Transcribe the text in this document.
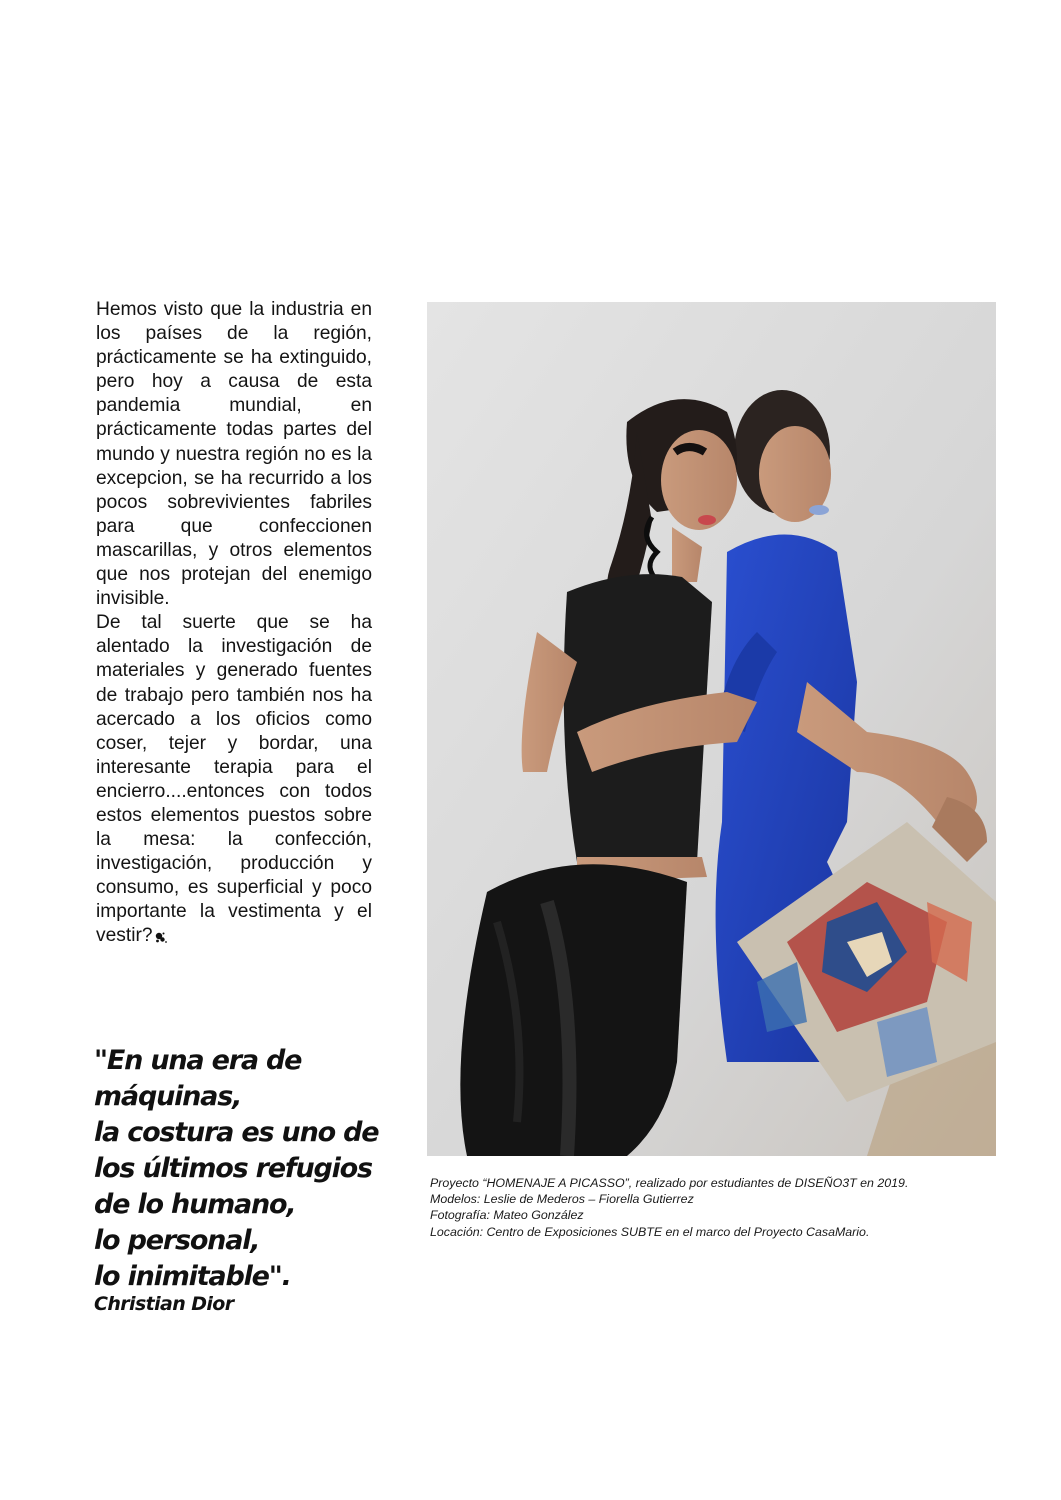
Hemos visto que la industria en los países de la región, prácticamente se ha extinguido, pero hoy a causa de esta pandemia mundial, en prácticamente todas partes del mundo y nuestra región no es la excepcion, se ha recurrido a los pocos sobrevivientes fabriles para que confeccionen mascarillas, y otros elementos que nos protejan del enemigo invisible.

De tal suerte que se ha alentado la investigación de materiales y generado fuentes de trabajo pero también nos ha acercado a los oficios como coser, tejer y bordar, una interesante terapia para el encierro....entonces con todos estos elementos puestos sobre la mesa: la confección, investigación, producción y consumo, es superficial y poco importante la vestimenta y el vestir?

"En una era de
máquinas,
la costura es uno de
los últimos refugios
de lo humano,
lo personal,
lo inimitable".
Christian Dior
Proyecto “HOMENAJE A PICASSO”, realizado por estudiantes de DISEÑO3T en 2019.
Modelos: Leslie de Mederos – Fiorella Gutierrez
Fotografía: Mateo González
Locación: Centro de Exposiciones SUBTE en el marco del Proyecto CasaMario.
